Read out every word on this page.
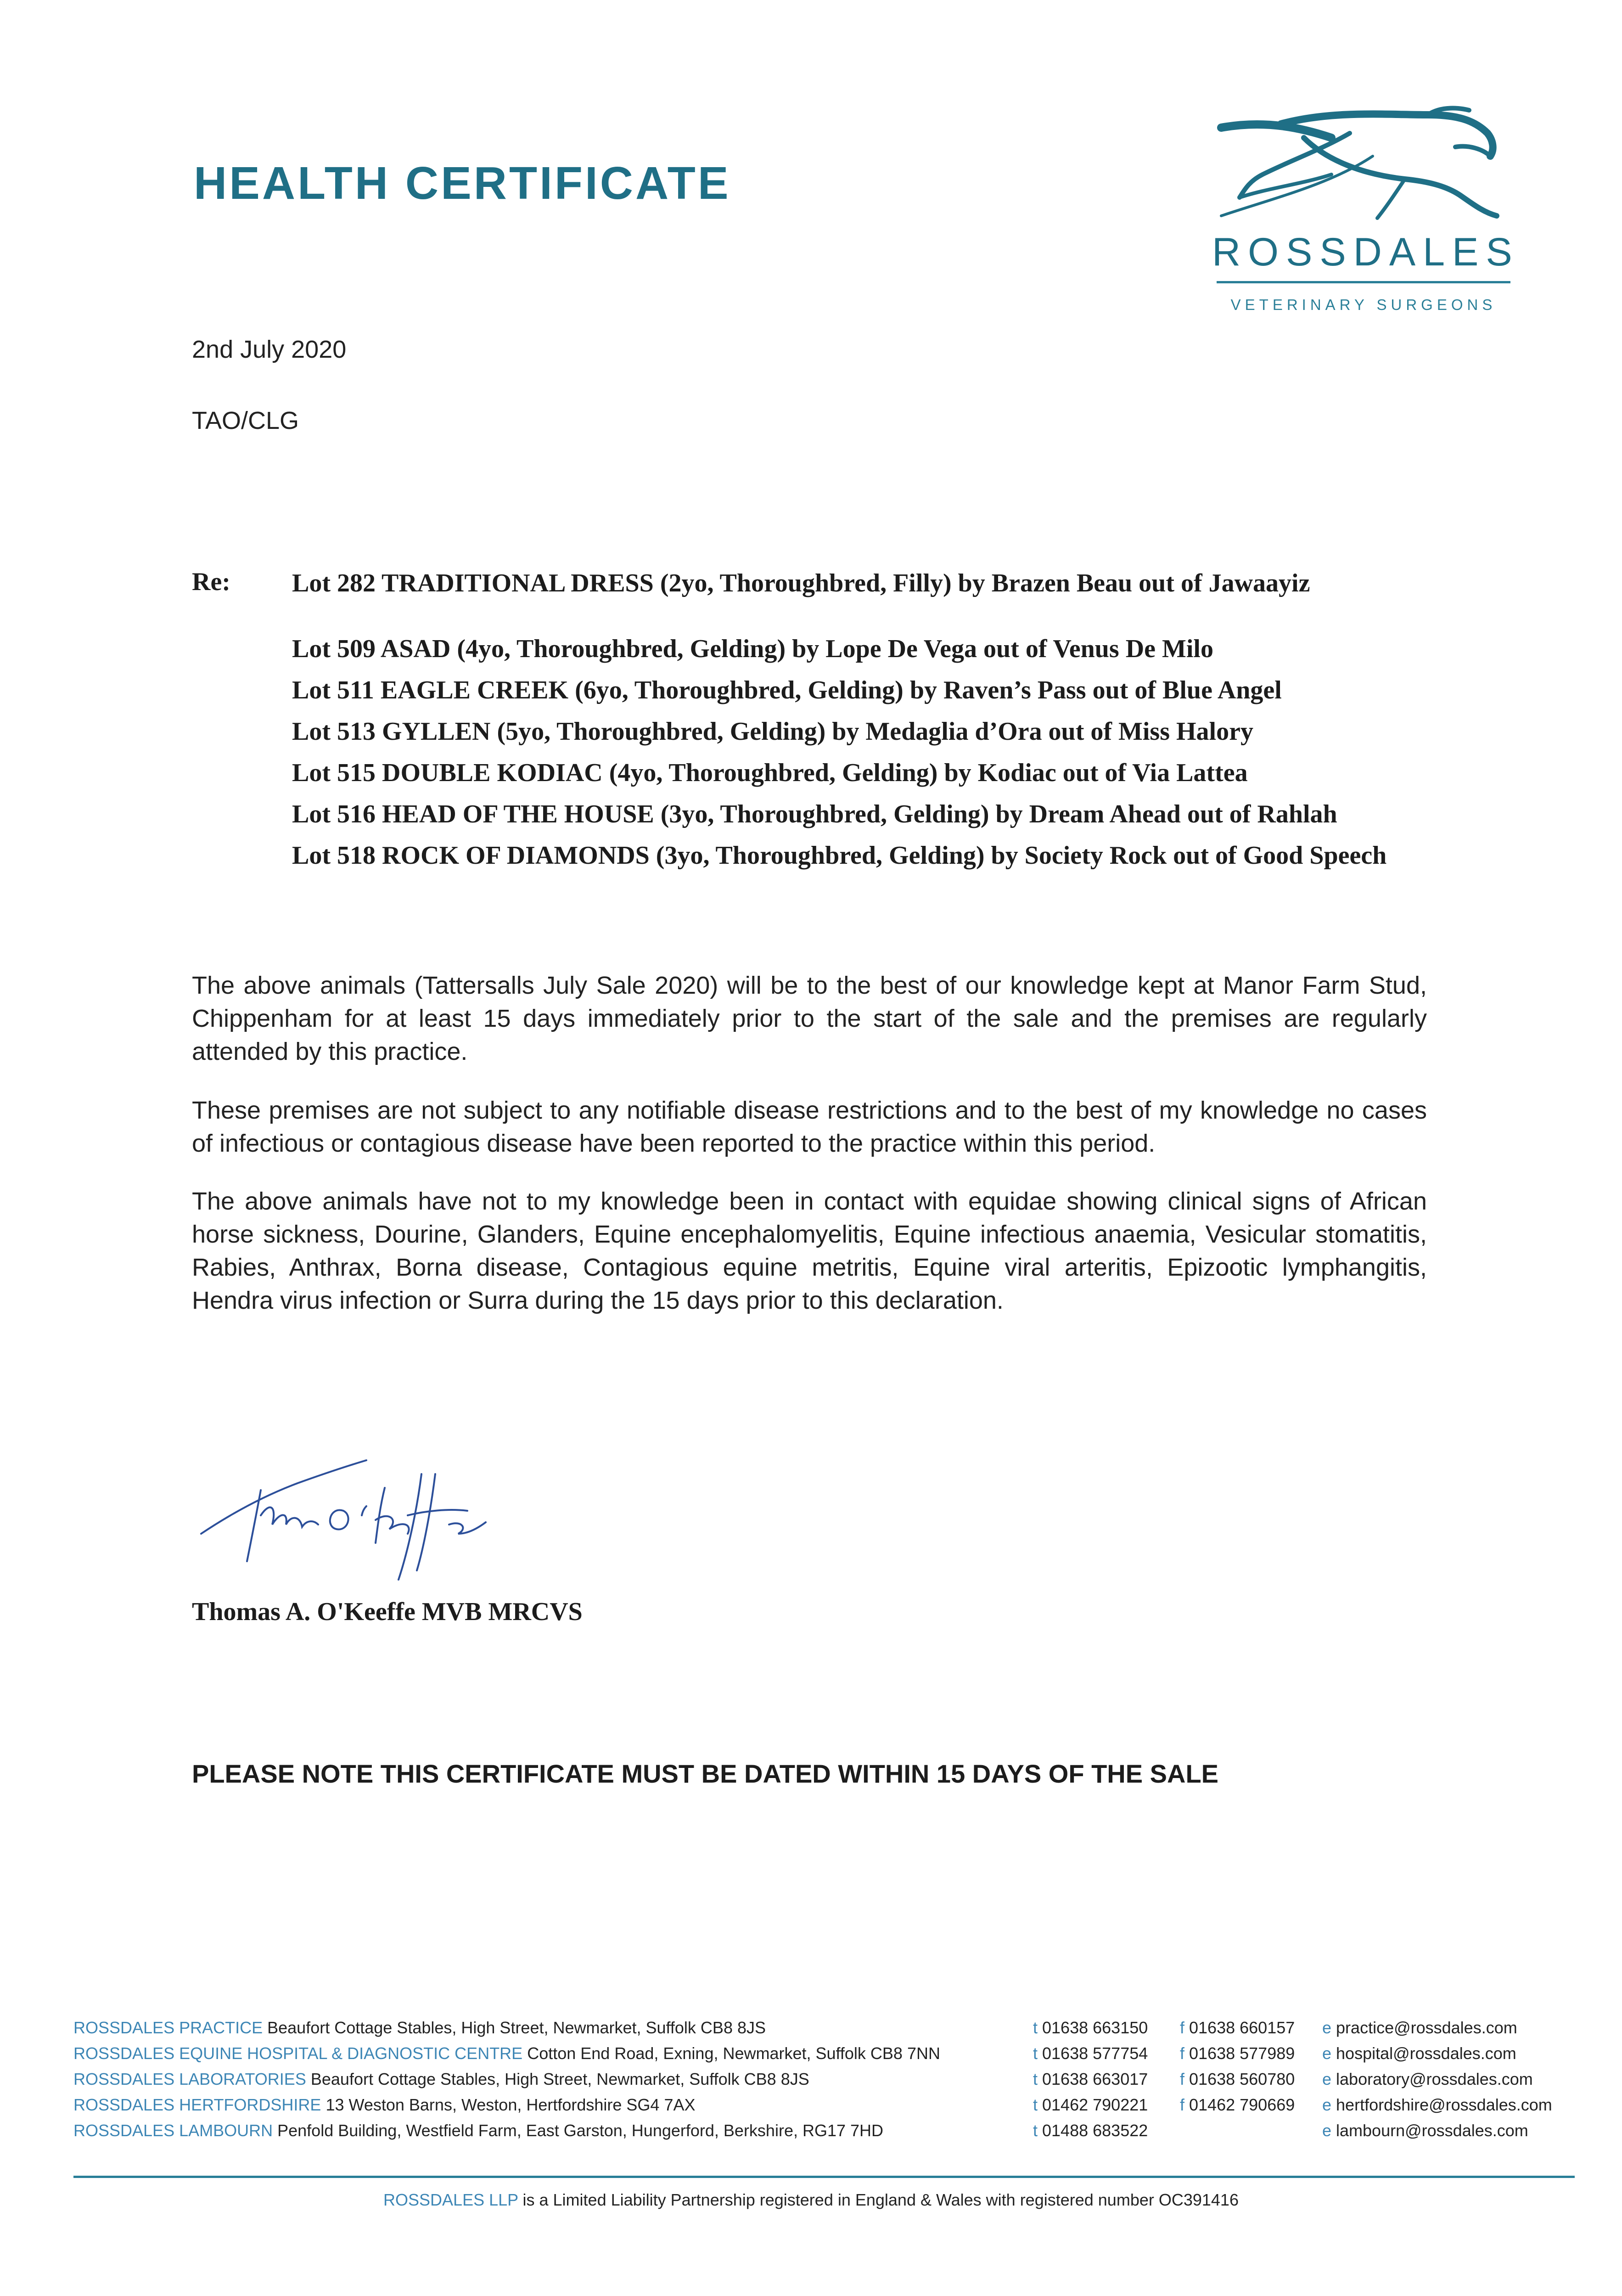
HEALTH CERTIFICATE
ROSSDALES
VETERINARY SURGEONS
2nd July 2020
TAO/CLG
Re: Lot 282 TRADITIONAL DRESS (2yo, Thoroughbred, Filly) by Brazen Beau out of Jawaayiz
Lot 509 ASAD (4yo, Thoroughbred, Gelding) by Lope De Vega out of Venus De Milo
Lot 511 EAGLE CREEK (6yo, Thoroughbred, Gelding) by Raven’s Pass out of Blue Angel
Lot 513 GYLLEN (5yo, Thoroughbred, Gelding) by Medaglia d’Ora out of Miss Halory
Lot 515 DOUBLE KODIAC (4yo, Thoroughbred, Gelding) by Kodiac out of Via Lattea
Lot 516 HEAD OF THE HOUSE (3yo, Thoroughbred, Gelding) by Dream Ahead out of Rahlah
Lot 518 ROCK OF DIAMONDS (3yo, Thoroughbred, Gelding) by Society Rock out of Good Speech
The above animals (Tattersalls July Sale 2020) will be to the best of our knowledge kept at Manor Farm Stud, Chippenham for at least 15 days immediately prior to the start of the sale and the premises are regularly attended by this practice.
These premises are not subject to any notifiable disease restrictions and to the best of my knowledge no cases of infectious or contagious disease have been reported to the practice within this period.
The above animals have not to my knowledge been in contact with equidae showing clinical signs of African horse sickness, Dourine, Glanders, Equine encephalomyelitis, Equine infectious anaemia, Vesicular stomatitis, Rabies, Anthrax, Borna disease, Contagious equine metritis, Equine viral arteritis, Epizootic lymphangitis, Hendra virus infection or Surra during the 15 days prior to this declaration.
Thomas A. O'Keeffe MVB MRCVS
PLEASE NOTE THIS CERTIFICATE MUST BE DATED WITHIN 15 DAYS OF THE SALE
ROSSDALES PRACTICE Beaufort Cottage Stables, High Street, Newmarket, Suffolk CB8 8JS
ROSSDALES EQUINE HOSPITAL & DIAGNOSTIC CENTRE Cotton End Road, Exning, Newmarket, Suffolk CB8 7NN
ROSSDALES LABORATORIES Beaufort Cottage Stables, High Street, Newmarket, Suffolk CB8 8JS
ROSSDALES HERTFORDSHIRE 13 Weston Barns, Weston, Hertfordshire SG4 7AX
ROSSDALES LAMBOURN Penfold Building, Westfield Farm, East Garston, Hungerford, Berkshire, RG17 7HD
t 01638 663150
t 01638 577754
t 01638 663017
t 01462 790221
t 01488 683522
f 01638 660157
f 01638 577989
f 01638 560780
f 01462 790669
e practice@rossdales.com
e hospital@rossdales.com
e laboratory@rossdales.com
e hertfordshire@rossdales.com
e lambourn@rossdales.com
ROSSDALES LLP is a Limited Liability Partnership registered in England & Wales with registered number OC391416
